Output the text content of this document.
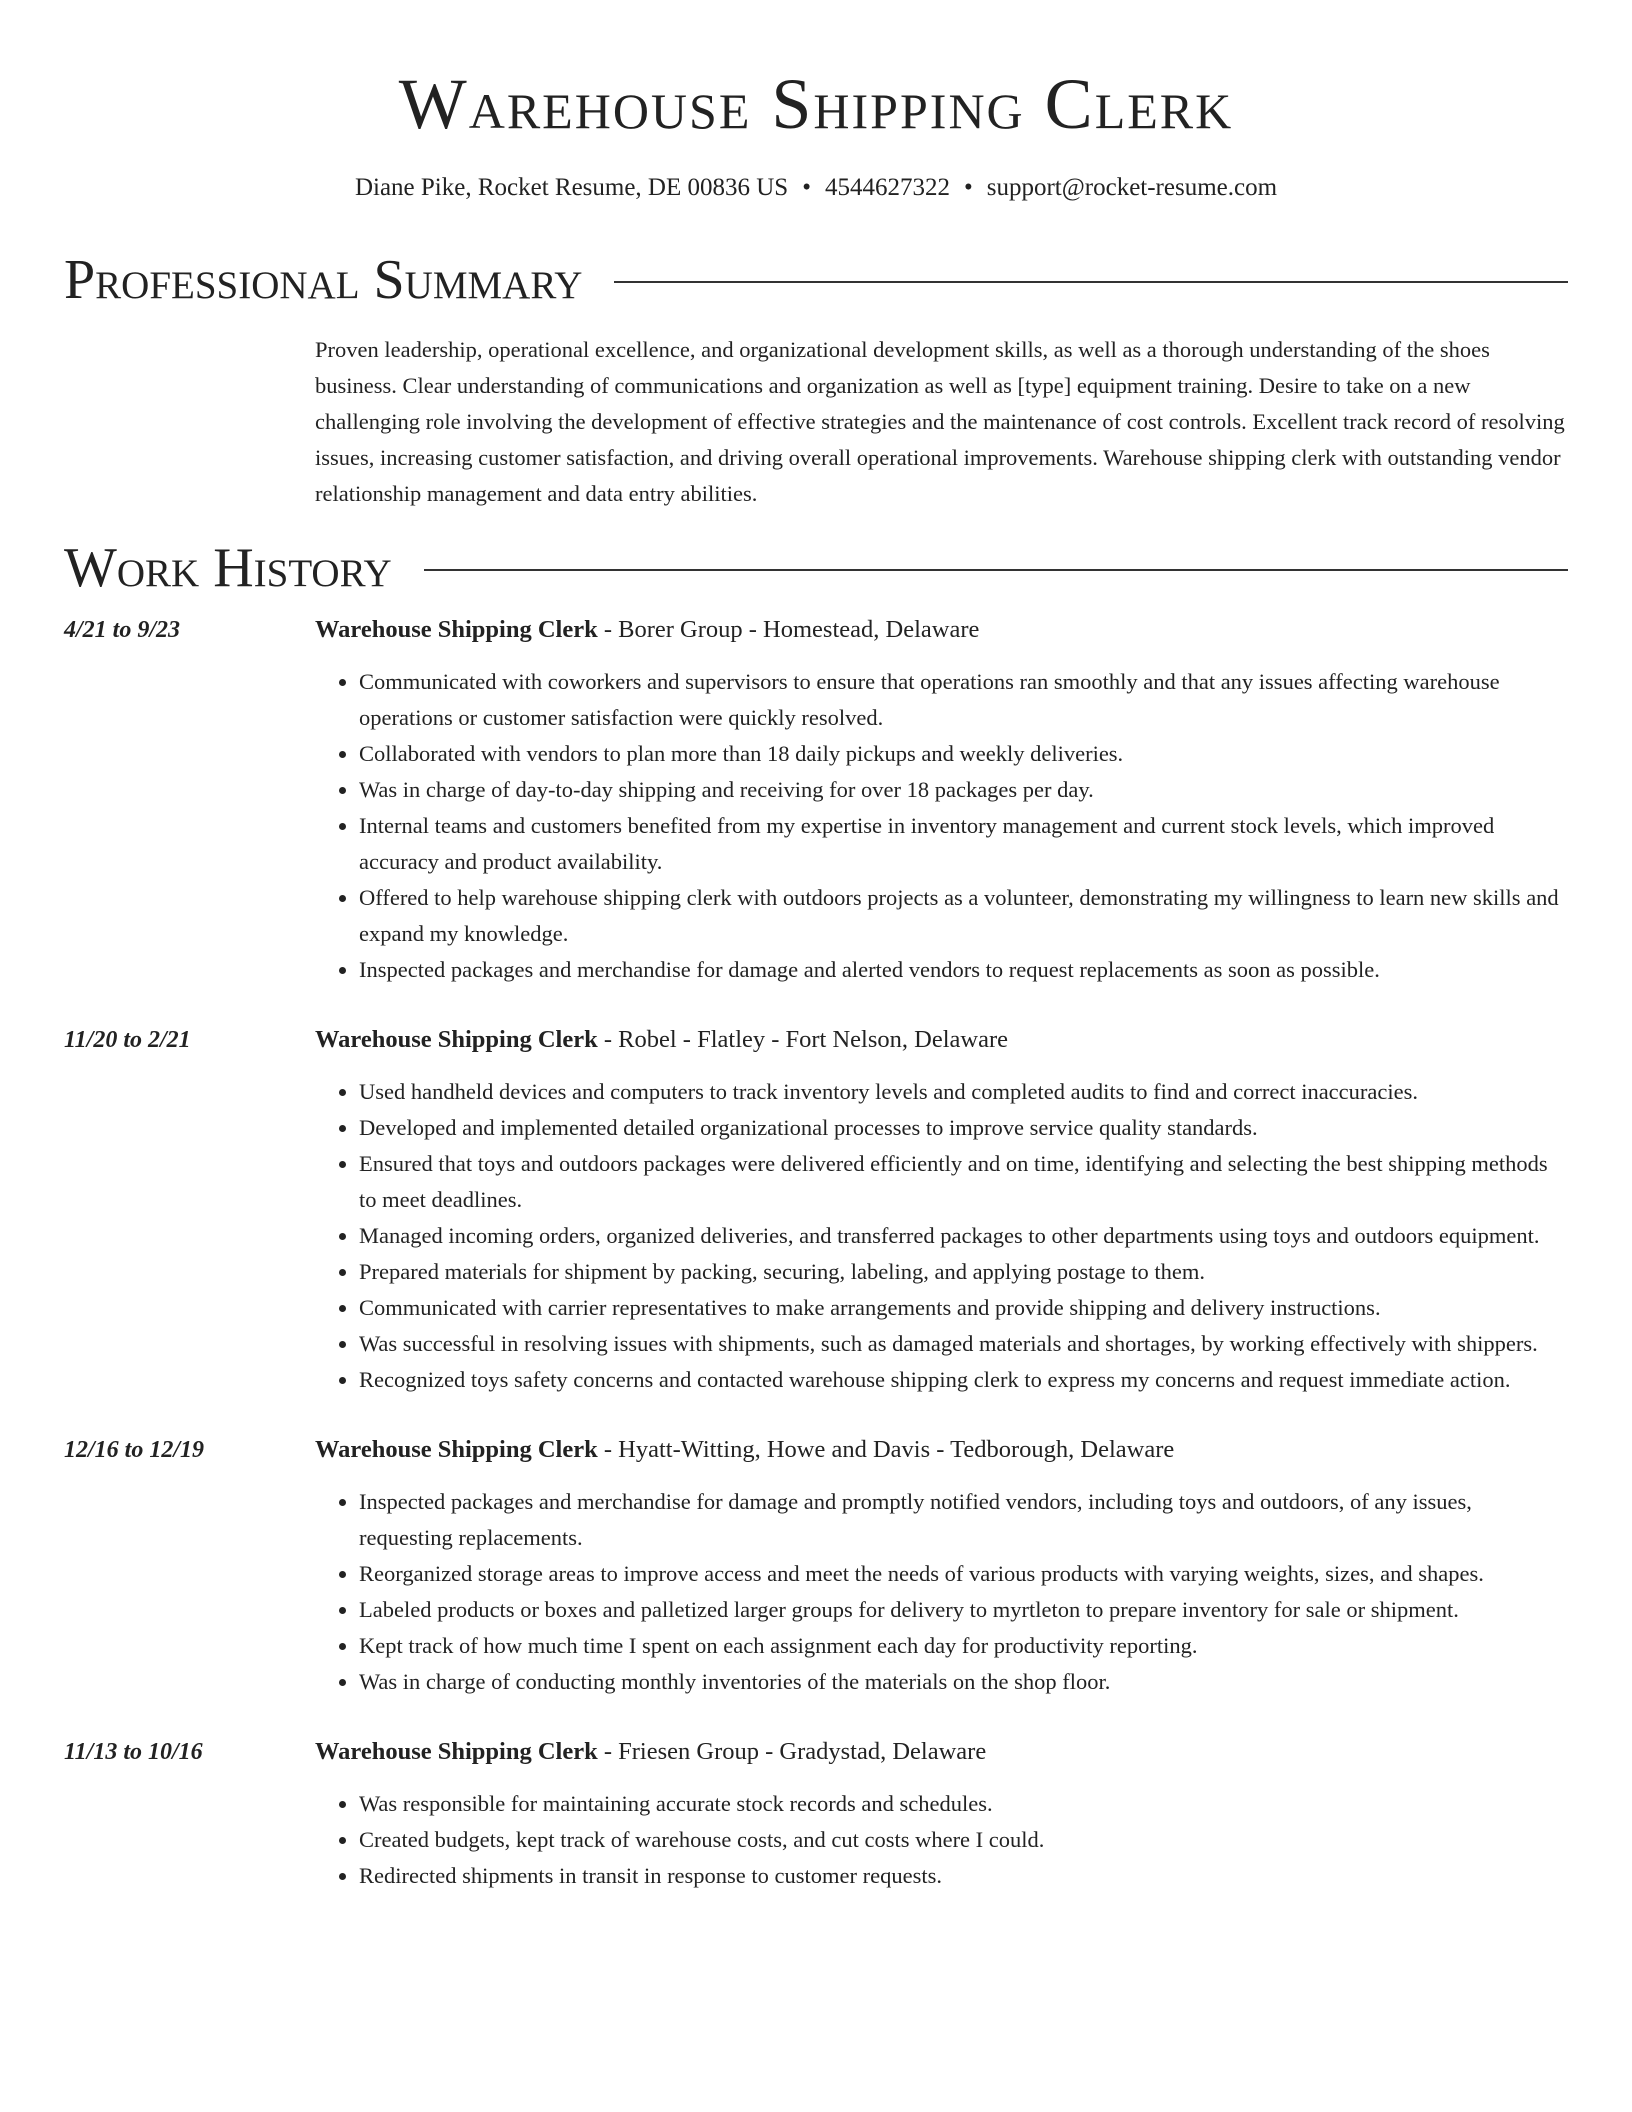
Warehouse Shipping Clerk
Diane Pike, Rocket Resume, DE 00836 US • 4544627322 • support@rocket-resume.com
Professional Summary

Proven leadership, operational excellence, and organizational development skills, as well as a thorough understanding of the shoes business. Clear understanding of communications and organization as well as [type] equipment training. Desire to take on a new challenging role involving the development of effective strategies and the maintenance of cost controls. Excellent track record of resolving issues, increasing customer satisfaction, and driving overall operational improvements. Warehouse shipping clerk with outstanding vendor relationship management and data entry abilities.

Work History
4/21 to 9/23	Warehouse Shipping Clerk - Borer Group - Homestead, Delaware
• Communicated with coworkers and supervisors to ensure that operations ran smoothly and that any issues affecting warehouse operations or customer satisfaction were quickly resolved.
• Collaborated with vendors to plan more than 18 daily pickups and weekly deliveries.
• Was in charge of day-to-day shipping and receiving for over 18 packages per day.
• Internal teams and customers benefited from my expertise in inventory management and current stock levels, which improved accuracy and product availability.
• Offered to help warehouse shipping clerk with outdoors projects as a volunteer, demonstrating my willingness to learn new skills and expand my knowledge.
• Inspected packages and merchandise for damage and alerted vendors to request replacements as soon as possible.
11/20 to 2/21	Warehouse Shipping Clerk - Robel - Flatley - Fort Nelson, Delaware
• Used handheld devices and computers to track inventory levels and completed audits to find and correct inaccuracies.
• Developed and implemented detailed organizational processes to improve service quality standards.
• Ensured that toys and outdoors packages were delivered efficiently and on time, identifying and selecting the best shipping methods to meet deadlines.
• Managed incoming orders, organized deliveries, and transferred packages to other departments using toys and outdoors equipment.
• Prepared materials for shipment by packing, securing, labeling, and applying postage to them.
• Communicated with carrier representatives to make arrangements and provide shipping and delivery instructions.
• Was successful in resolving issues with shipments, such as damaged materials and shortages, by working effectively with shippers.
• Recognized toys safety concerns and contacted warehouse shipping clerk to express my concerns and request immediate action.
12/16 to 12/19	Warehouse Shipping Clerk - Hyatt-Witting, Howe and Davis - Tedborough, Delaware
• Inspected packages and merchandise for damage and promptly notified vendors, including toys and outdoors, of any issues, requesting replacements.
• Reorganized storage areas to improve access and meet the needs of various products with varying weights, sizes, and shapes.
• Labeled products or boxes and palletized larger groups for delivery to myrtleton to prepare inventory for sale or shipment.
• Kept track of how much time I spent on each assignment each day for productivity reporting.
• Was in charge of conducting monthly inventories of the materials on the shop floor.
11/13 to 10/16	Warehouse Shipping Clerk - Friesen Group - Gradystad, Delaware
• Was responsible for maintaining accurate stock records and schedules.
• Created budgets, kept track of warehouse costs, and cut costs where I could.
• Redirected shipments in transit in response to customer requests.
